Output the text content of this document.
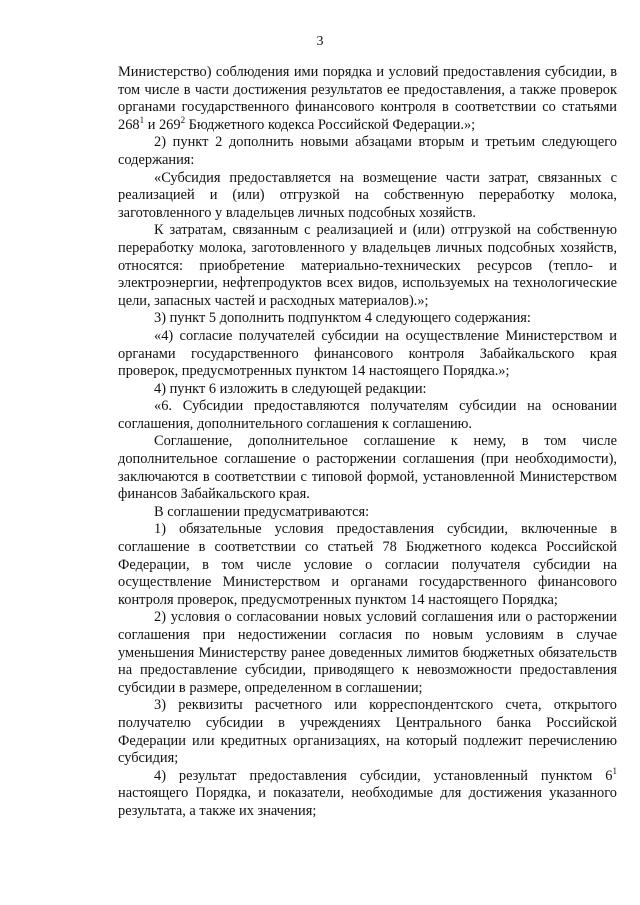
3

Министерство) соблюдения ими порядка и условий предоставления субсидии, в том числе в части достижения результатов ее предоставления, а также проверок органами государственного финансового контроля в соответствии со статьями $268^1$ и $269^2$ Бюджетного кодекса Российской Федерации.»;

2) пункт 2 дополнить новыми абзацами вторым и третьим следующего содержания:

«Субсидия предоставляется на возмещение части затрат, связанных с реализацией и (или) отгрузкой на собственную переработку молока, заготовленного у владельцев личных подсобных хозяйств.

К затратам, связанным с реализацией и (или) отгрузкой на собственную переработку молока, заготовленного у владельцев личных подсобных хозяйств, относятся: приобретение материально-технических ресурсов (тепло- и электроэнергии, нефтепродуктов всех видов, используемых на технологические цели, запасных частей и расходных материалов).»;

3) пункт 5 дополнить подпунктом 4 следующего содержания:

«4) согласие получателей субсидии на осуществление Министерством и органами государственного финансового контроля Забайкальского края проверок, предусмотренных пунктом 14 настоящего Порядка.»;

4) пункт 6 изложить в следующей редакции:

«6. Субсидии предоставляются получателям субсидии на основании соглашения, дополнительного соглашения к соглашению.

Соглашение, дополнительное соглашение к нему, в том числе дополнительное соглашение о расторжении соглашения (при необходимости), заключаются в соответствии с типовой формой, установленной Министерством финансов Забайкальского края.

В соглашении предусматриваются:

1) обязательные условия предоставления субсидии, включенные в соглашение в соответствии со статьей 78 Бюджетного кодекса Российской Федерации, в том числе условие о согласии получателя субсидии на осуществление Министерством и органами государственного финансового контроля проверок, предусмотренных пунктом 14 настоящего Порядка;

2) условия о согласовании новых условий соглашения или о расторжении соглашения при недостижении согласия по новым условиям в случае уменьшения Министерству ранее доведенных лимитов бюджетных обязательств на предоставление субсидии, приводящего к невозможности предоставления субсидии в размере, определенном в соглашении;

3) реквизиты расчетного или корреспондентского счета, открытого получателю субсидии в учреждениях Центрального банка Российской Федерации или кредитных организациях, на который подлежит перечислению субсидия;

4) результат предоставления субсидии, установленный пунктом $6^1$ настоящего Порядка, и показатели, необходимые для достижения указанного результата, а также их значения;
